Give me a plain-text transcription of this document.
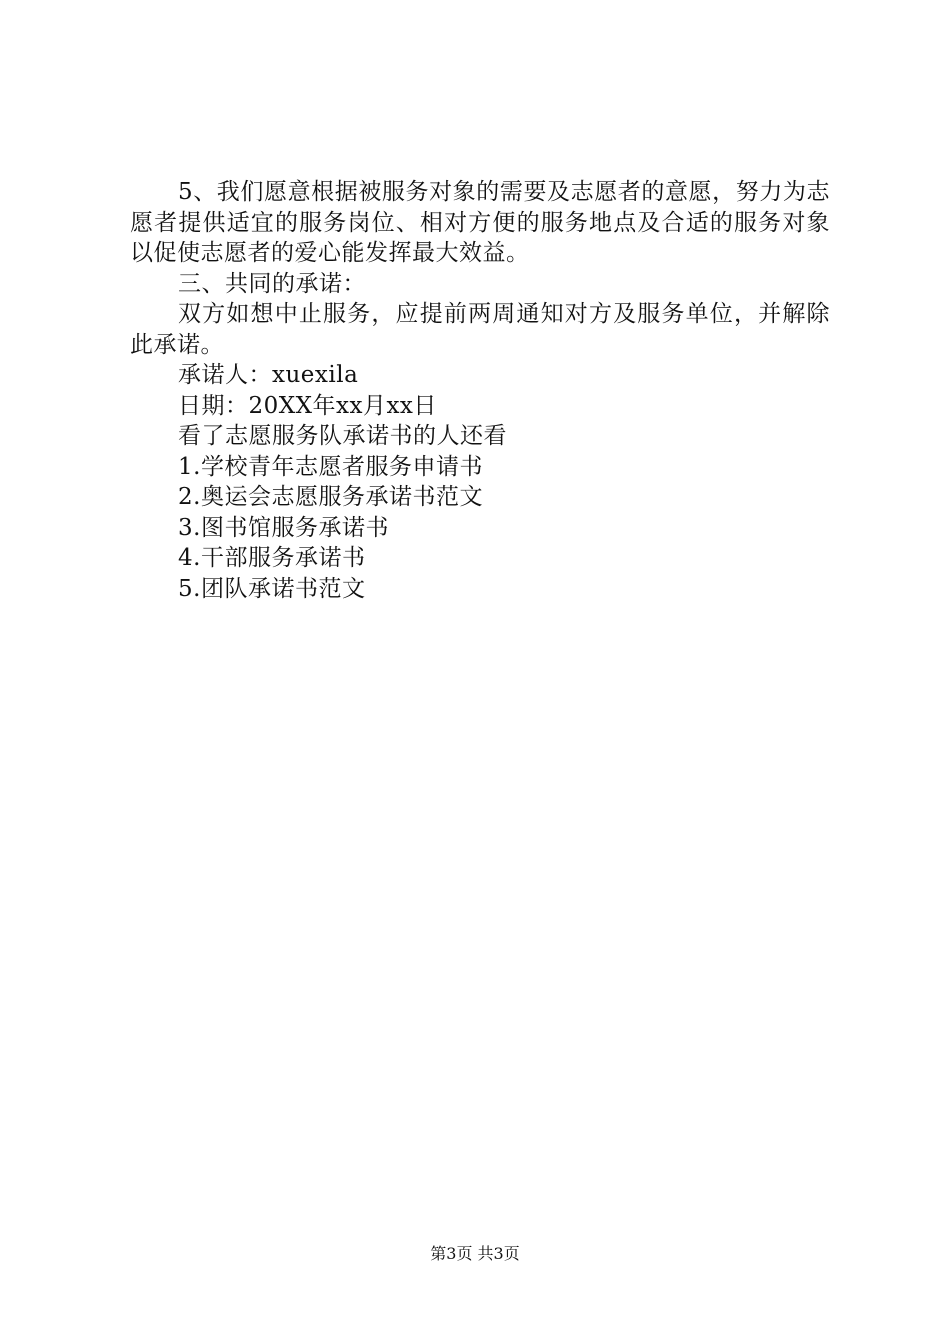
5、我们愿意根据被服务对象的需要及志愿者的意愿，努力为志愿者提供适宜的服务岗位、相对方便的服务地点及合适的服务对象以促使志愿者的爱心能发挥最大效益。

三、共同的承诺：

双方如想中止服务，应提前两周通知对方及服务单位，并解除此承诺。

承诺人：xuexila

日期：20XX年xx月xx日

看了志愿服务队承诺书的人还看

1.学校青年志愿者服务申请书

2.奥运会志愿服务承诺书范文

3.图书馆服务承诺书

4.干部服务承诺书

5.团队承诺书范文

第3页 共3页
